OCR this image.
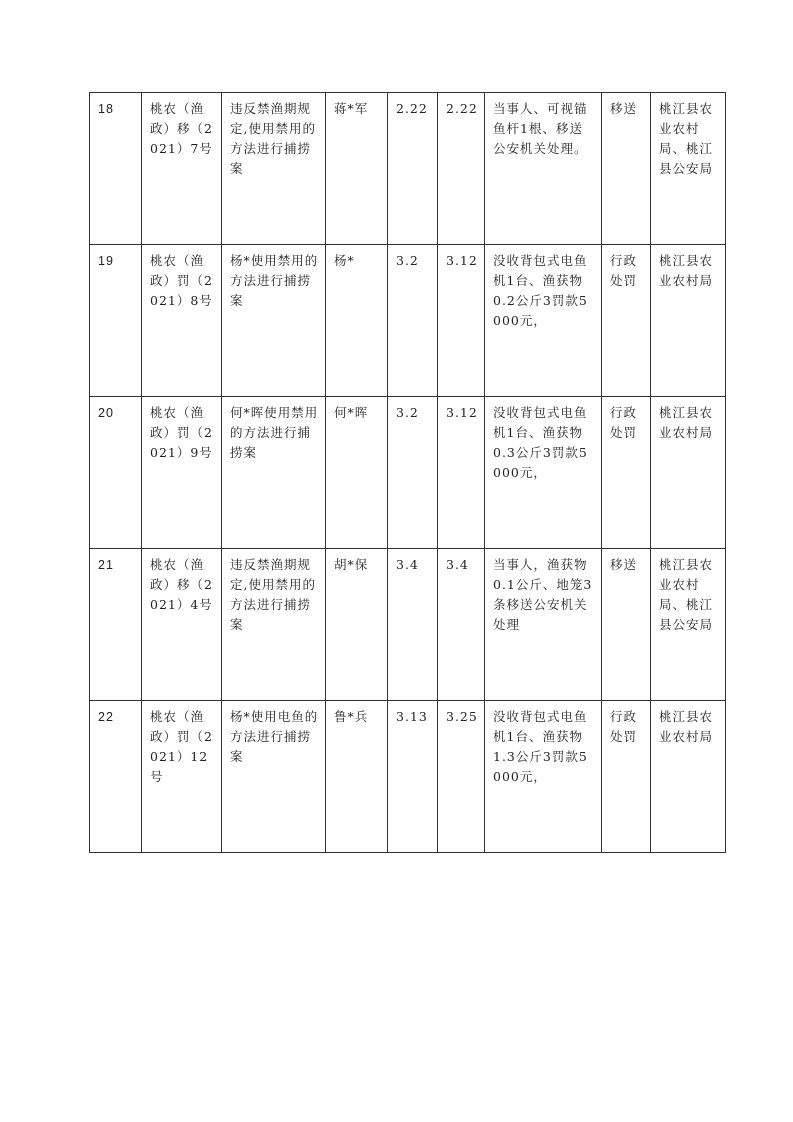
18	桃农（渔政）移（2021）7号	违反禁渔期规定,使用禁用的方法进行捕捞案	蒋*军	2.22	2.22	当事人、可视锚鱼杆1根、移送公安机关处理。	移送	桃江县农业农村局、桃江县公安局
19	桃农（渔政）罚（2021）8号	杨*使用禁用的方法进行捕捞案	杨*	3.2	3.12	没收背包式电鱼机1台、渔获物0.2公斤3罚款5000元，	行政处罚	桃江县农业农村局
20	桃农（渔政）罚（2021）9号	何*晖使用禁用的方法进行捕捞案	何*晖	3.2	3.12	没收背包式电鱼机1台、渔获物0.3公斤3罚款5000元，	行政处罚	桃江县农业农村局
21	桃农（渔政）移（2021）4号	违反禁渔期规定,使用禁用的方法进行捕捞案	胡*保	3.4	3.4	当事人，渔获物0.1公斤、地笼3条移送公安机关处理	移送	桃江县农业农村局、桃江县公安局
22	桃农（渔政）罚（2021）12号	杨*使用电鱼的方法进行捕捞案	鲁*兵	3.13	3.25	没收背包式电鱼机1台、渔获物1.3公斤3罚款5000元，	行政处罚	桃江县农业农村局
